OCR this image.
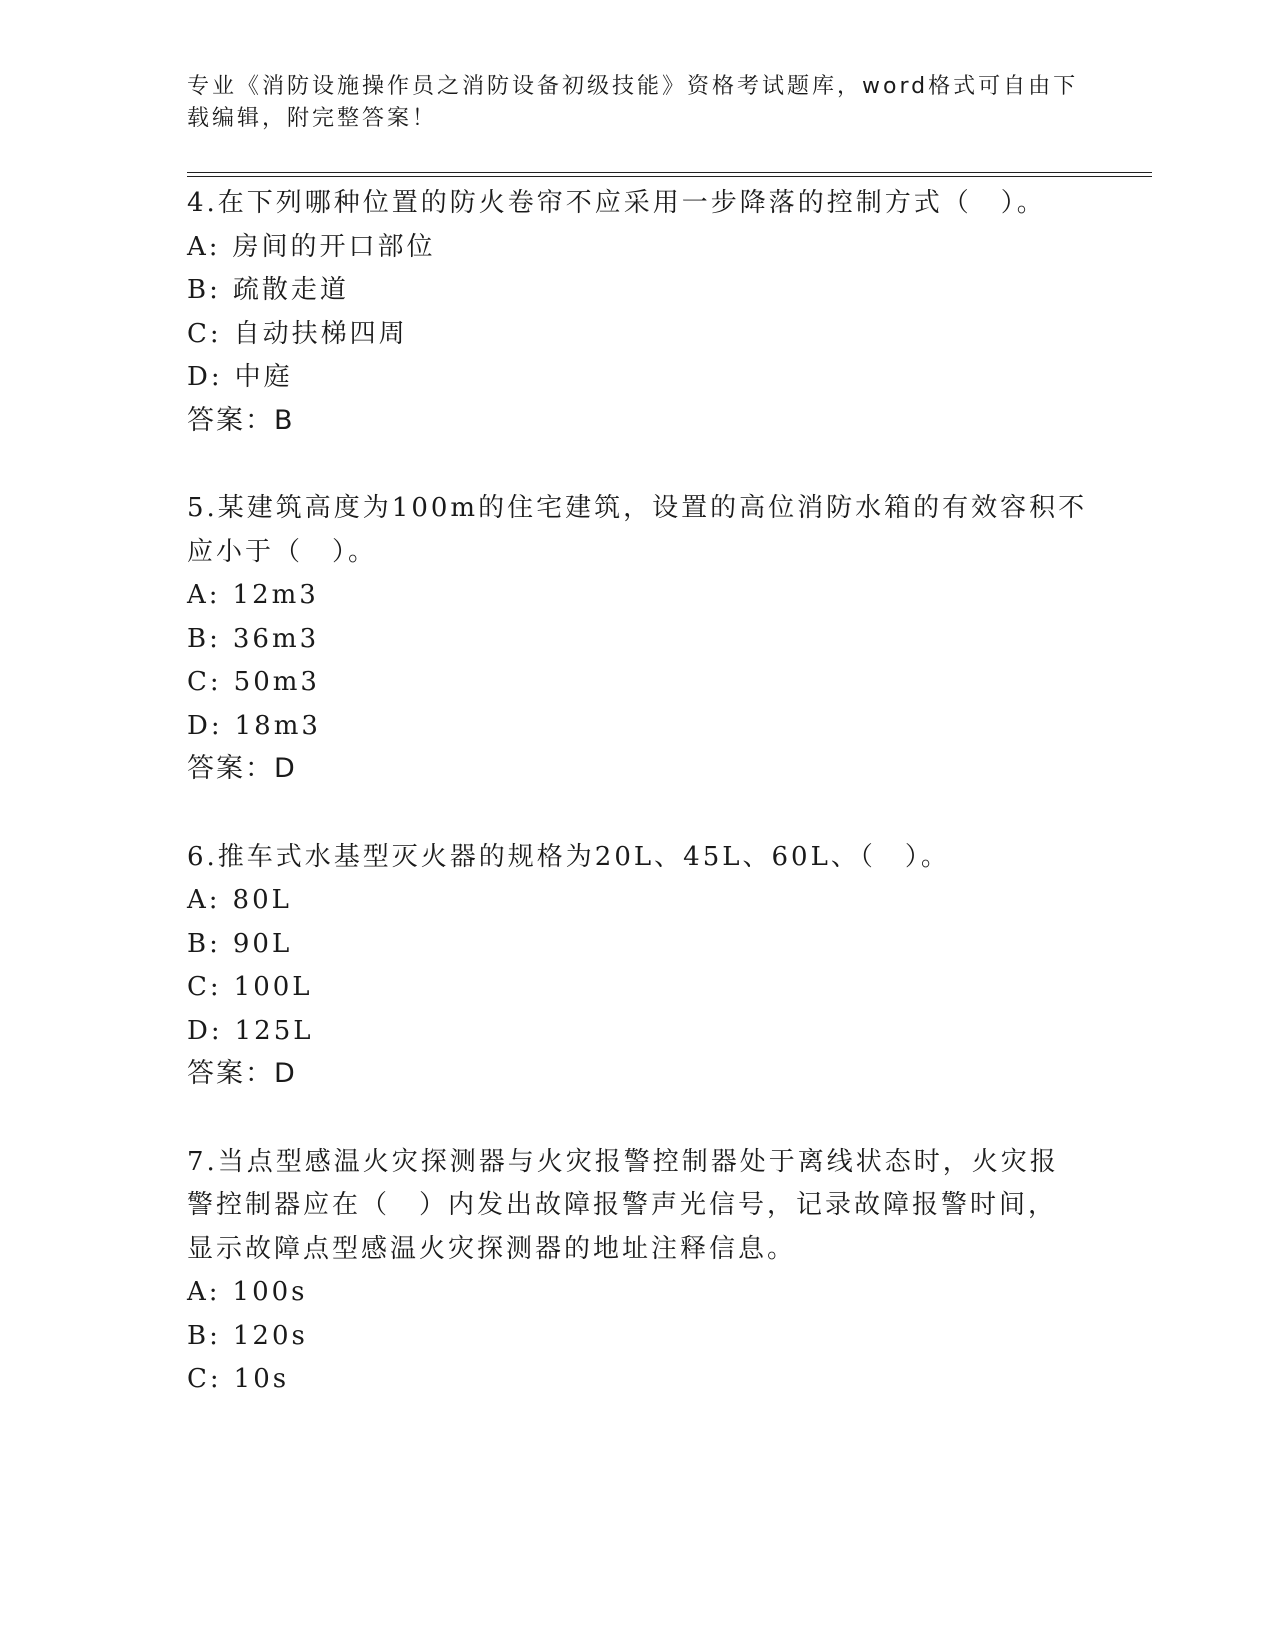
专业《消防设施操作员之消防设备初级技能》资格考试题库，word格式可自由下
载编辑，附完整答案！
4.在下列哪种位置的防火卷帘不应采用一步降落的控制方式（　）。
A: 房间的开口部位
B: 疏散走道
C: 自动扶梯四周
D: 中庭
答案：B
5.某建筑高度为100m的住宅建筑，设置的高位消防水箱的有效容积不
应小于（　）。
A: 12m3
B: 36m3
C: 50m3
D: 18m3
答案：D
6.推车式水基型灭火器的规格为20L、45L、60L、（　）。
A: 80L
B: 90L
C: 100L
D: 125L
答案：D
7.当点型感温火灾探测器与火灾报警控制器处于离线状态时，火灾报
警控制器应在（　）内发出故障报警声光信号，记录故障报警时间，
显示故障点型感温火灾探测器的地址注释信息。
A: 100s
B: 120s
C: 10s
